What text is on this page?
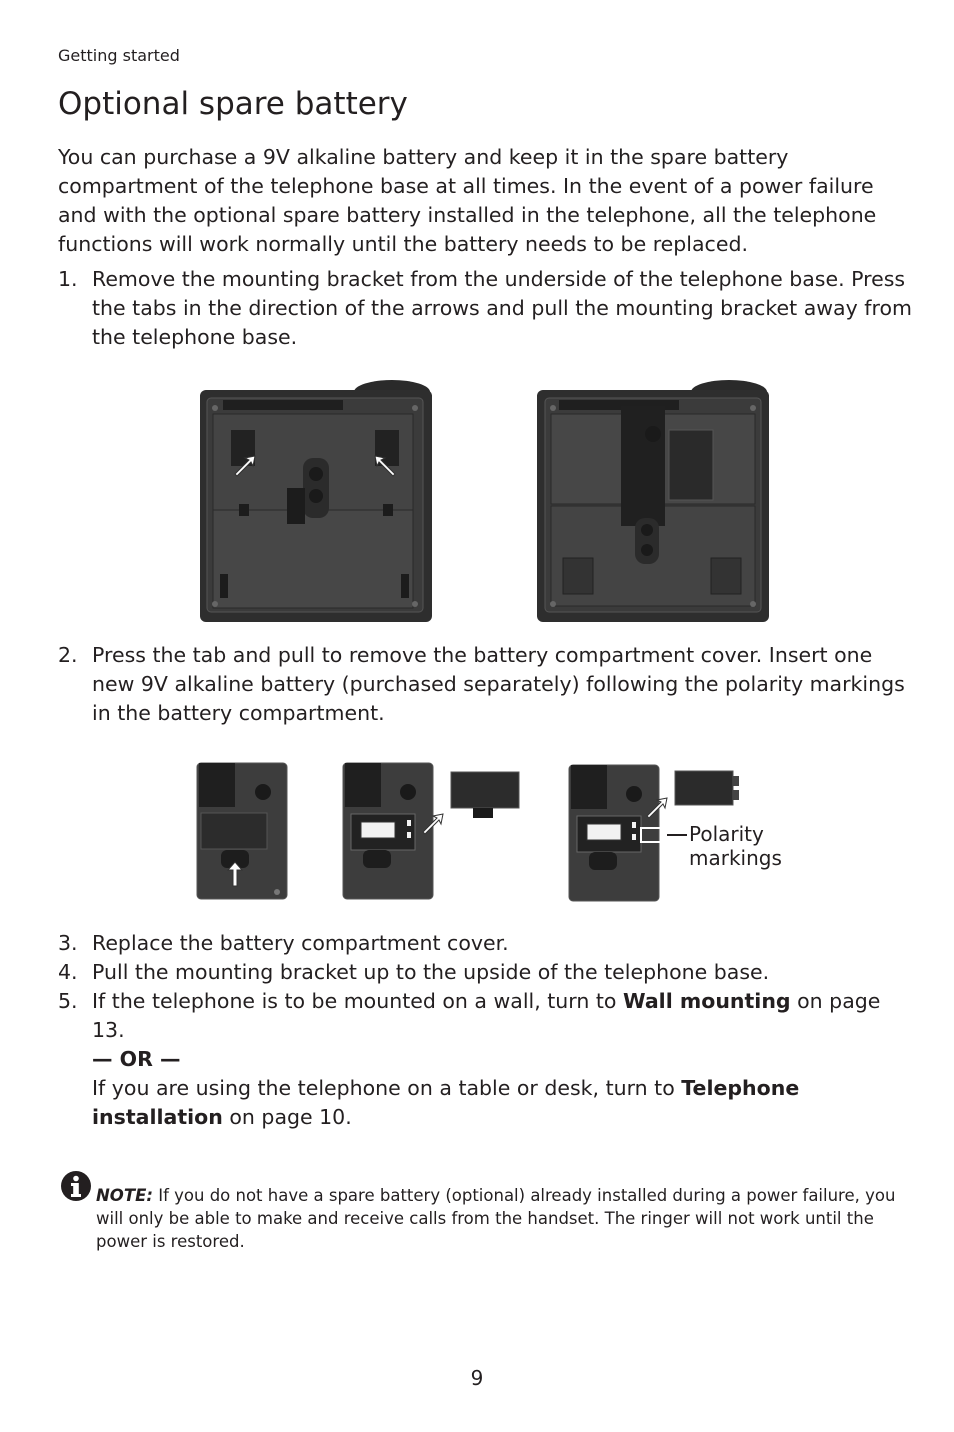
Getting started
Optional spare battery

You can purchase a 9V alkaline battery and keep it in the spare battery compartment of the telephone base at all times. In the event of a power failure and with the optional spare battery installed in the telephone, all the telephone functions will work normally until the battery needs to be replaced.

1. Remove the mounting bracket from the underside of the telephone base. Press the tabs in the direction of the arrows and pull the mounting bracket away from the telephone base.
2. Press the tab and pull to remove the battery compartment cover. Insert one new 9V alkaline battery (purchased separately) following the polarity markings in the battery compartment.
Polarity
markings
3. Replace the battery compartment cover.
4. Pull the mounting bracket up to the upside of the telephone base.
5. If the telephone is to be mounted on a wall, turn to Wall mounting on page 13.
— OR —
If you are using the telephone on a table or desk, turn to Telephone installation on page 10.
NOTE: If you do not have a spare battery (optional) already installed during a power failure, you will only be able to make and receive calls from the handset. The ringer will not work until the power is restored.
9
